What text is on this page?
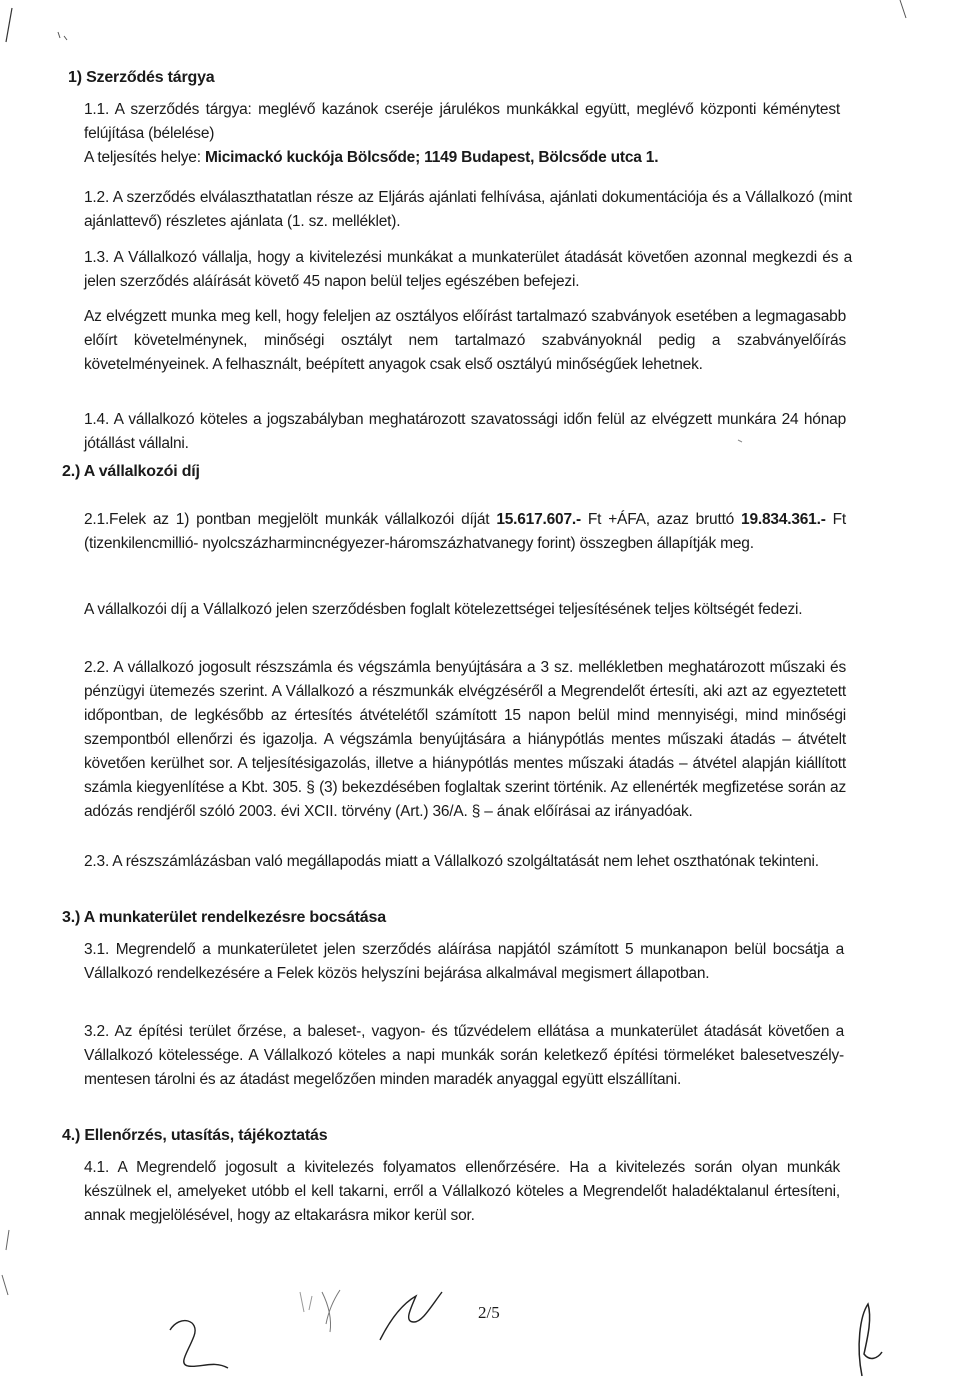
1) Szerződés tárgya
1.1. A szerződés tárgya: meglévő kazánok cseréje járulékos munkákkal együtt, meglévő központi kéménytest felújítása (bélelése)
A teljesítés helye: Micimackó kuckója Bölcsőde; 1149 Budapest, Bölcsőde utca 1.
1.2. A szerződés elválaszthatatlan része az Eljárás ajánlati felhívása, ajánlati dokumentációja és a Vállalkozó (mint ajánlattevő) részletes ajánlata (1. sz. melléklet).
1.3. A Vállalkozó vállalja, hogy a kivitelezési munkákat a munkaterület átadását követően azonnal megkezdi és a jelen szerződés aláírását követő 45 napon belül teljes egészében befejezi.
Az elvégzett munka meg kell, hogy feleljen az osztályos előírást tartalmazó szabványok esetében a legmagasabb előírt követelménynek, minőségi osztályt nem tartalmazó szabványoknál pedig a szabványelőírás követelményeinek. A felhasznált, beépített anyagok csak első osztályú minőségűek lehetnek.
1.4. A vállalkozó köteles a jogszabályban meghatározott szavatossági időn felül az elvégzett munkára 24 hónap jótállást vállalni.
2.) A vállalkozói díj
2.1.Felek az 1) pontban megjelölt munkák vállalkozói díját 15.617.607.- Ft +ÁFA, azaz bruttó 19.834.361.- Ft (tizenkilencmillió- nyolcszázharmincnégyezer-háromszázhatvanegy forint) összegben állapítják meg.
A vállalkozói díj a Vállalkozó jelen szerződésben foglalt kötelezettségei teljesítésének teljes költségét fedezi.
2.2. A vállalkozó jogosult részszámla és végszámla benyújtására a 3 sz. mellékletben meghatározott műszaki és pénzügyi ütemezés szerint. A Vállalkozó a részmunkák elvégzéséről a Megrendelőt értesíti, aki azt az egyeztetett időpontban, de legkésőbb az értesítés átvételétől számított 15 napon belül mind mennyiségi, mind minőségi szempontból ellenőrzi és igazolja. A végszámla benyújtására a hiánypótlás mentes műszaki átadás – átvételt követően kerülhet sor. A teljesítésigazolás, illetve a hiánypótlás mentes műszaki átadás – átvétel alapján kiállított számla kiegyenlítése a Kbt. 305. § (3) bekezdésében foglaltak szerint történik. Az ellenérték megfizetése során az adózás rendjéről szóló 2003. évi XCII. törvény (Art.) 36/A. § – ának előírásai az irányadóak.
2.3. A részszámlázásban való megállapodás miatt a Vállalkozó szolgáltatását nem lehet oszthatónak tekinteni.
3.) A munkaterület rendelkezésre bocsátása
3.1. Megrendelő a munkaterületet jelen szerződés aláírása napjától számított 5 munkanapon belül bocsátja a Vállalkozó rendelkezésére a Felek közös helyszíni bejárása alkalmával megismert állapotban.
3.2. Az építési terület őrzése, a baleset-, vagyon- és tűzvédelem ellátása a munkaterület átadását követően a Vállalkozó kötelessége. A Vállalkozó köteles a napi munkák során keletkező építési törmeléket balesetveszély-mentesen tárolni és az átadást megelőzően minden maradék anyaggal együtt elszállítani.
4.) Ellenőrzés, utasítás, tájékoztatás
4.1. A Megrendelő jogosult a kivitelezés folyamatos ellenőrzésére. Ha a kivitelezés során olyan munkák készülnek el, amelyeket utóbb el kell takarni, erről a Vállalkozó köteles a Megrendelőt haladéktalanul értesíteni, annak megjelölésével, hogy az eltakarásra mikor kerül sor.
2/5
